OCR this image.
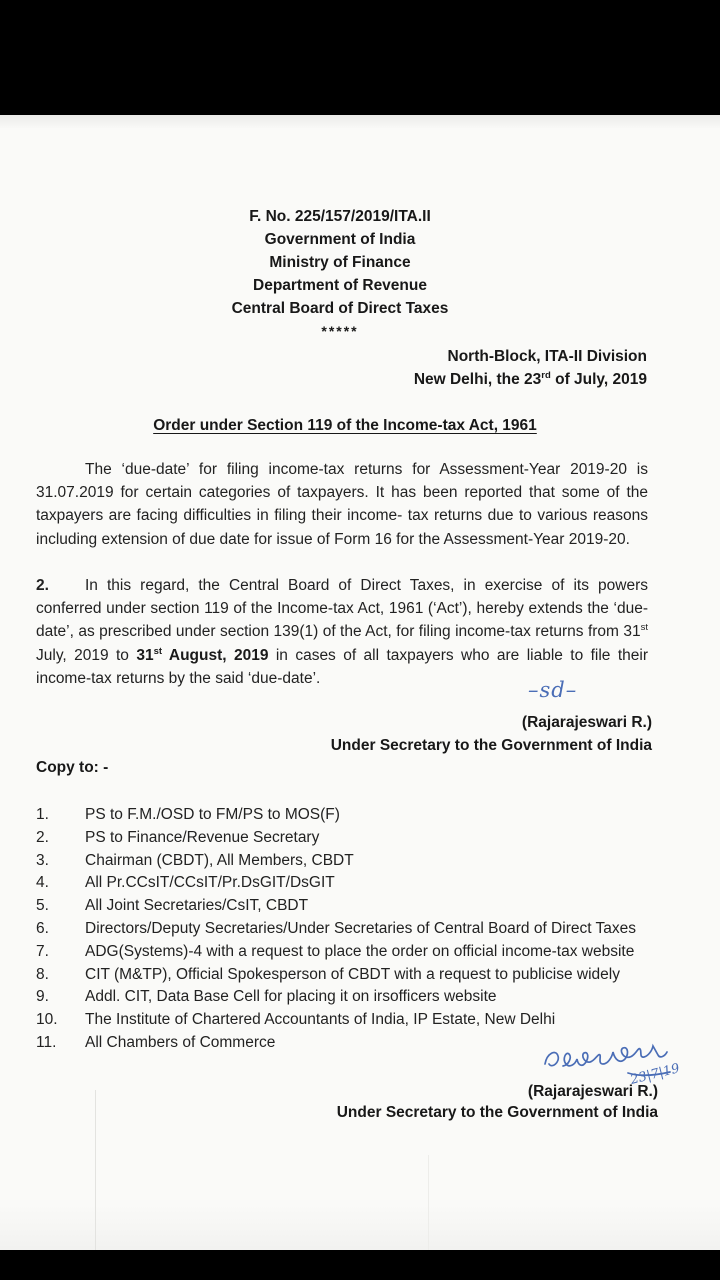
F. No. 225/157/2019/ITA.II
Government of India
Ministry of Finance
Department of Revenue
Central Board of Direct Taxes
*****
North-Block, ITA-II Division
New Delhi, the 23rd of July, 2019
Order under Section 119 of the Income-tax Act, 1961
The ‘due-date’ for filing income-tax returns for Assessment-Year 2019-20 is 31.07.2019 for certain categories of taxpayers. It has been reported that some of the taxpayers are facing difficulties in filing their income- tax returns due to various reasons including extension of due date for issue of Form 16 for the Assessment-Year 2019-20.
2. In this regard, the Central Board of Direct Taxes, in exercise of its powers conferred under section 119 of the Income-tax Act, 1961 (‘Act’), hereby extends the ‘due-date’, as prescribed under section 139(1) of the Act, for filing income-tax returns from 31st July, 2019 to 31st August, 2019 in cases of all taxpayers who are liable to file their income-tax returns by the said ‘due-date’.	–sd–
(Rajarajeswari R.)
Under Secretary to the Government of India
Copy to: -
1.	PS to F.M./OSD to FM/PS to MOS(F)
2.	PS to Finance/Revenue Secretary
3.	Chairman (CBDT), All Members, CBDT
4.	All Pr.CCsIT/CCsIT/Pr.DsGIT/DsGIT
5.	All Joint Secretaries/CsIT, CBDT
6.	Directors/Deputy Secretaries/Under Secretaries of Central Board of Direct Taxes
7.	ADG(Systems)-4 with a request to place the order on official income-tax website
8.	CIT (M&TP), Official Spokesperson of CBDT with a request to publicise widely
9.	Addl. CIT, Data Base Cell for placing it on irsofficers website
10.	The Institute of Chartered Accountants of India, IP Estate, New Delhi
11.	All Chambers of Commerce
23|7|19
(Rajarajeswari R.)
Under Secretary to the Government of India
